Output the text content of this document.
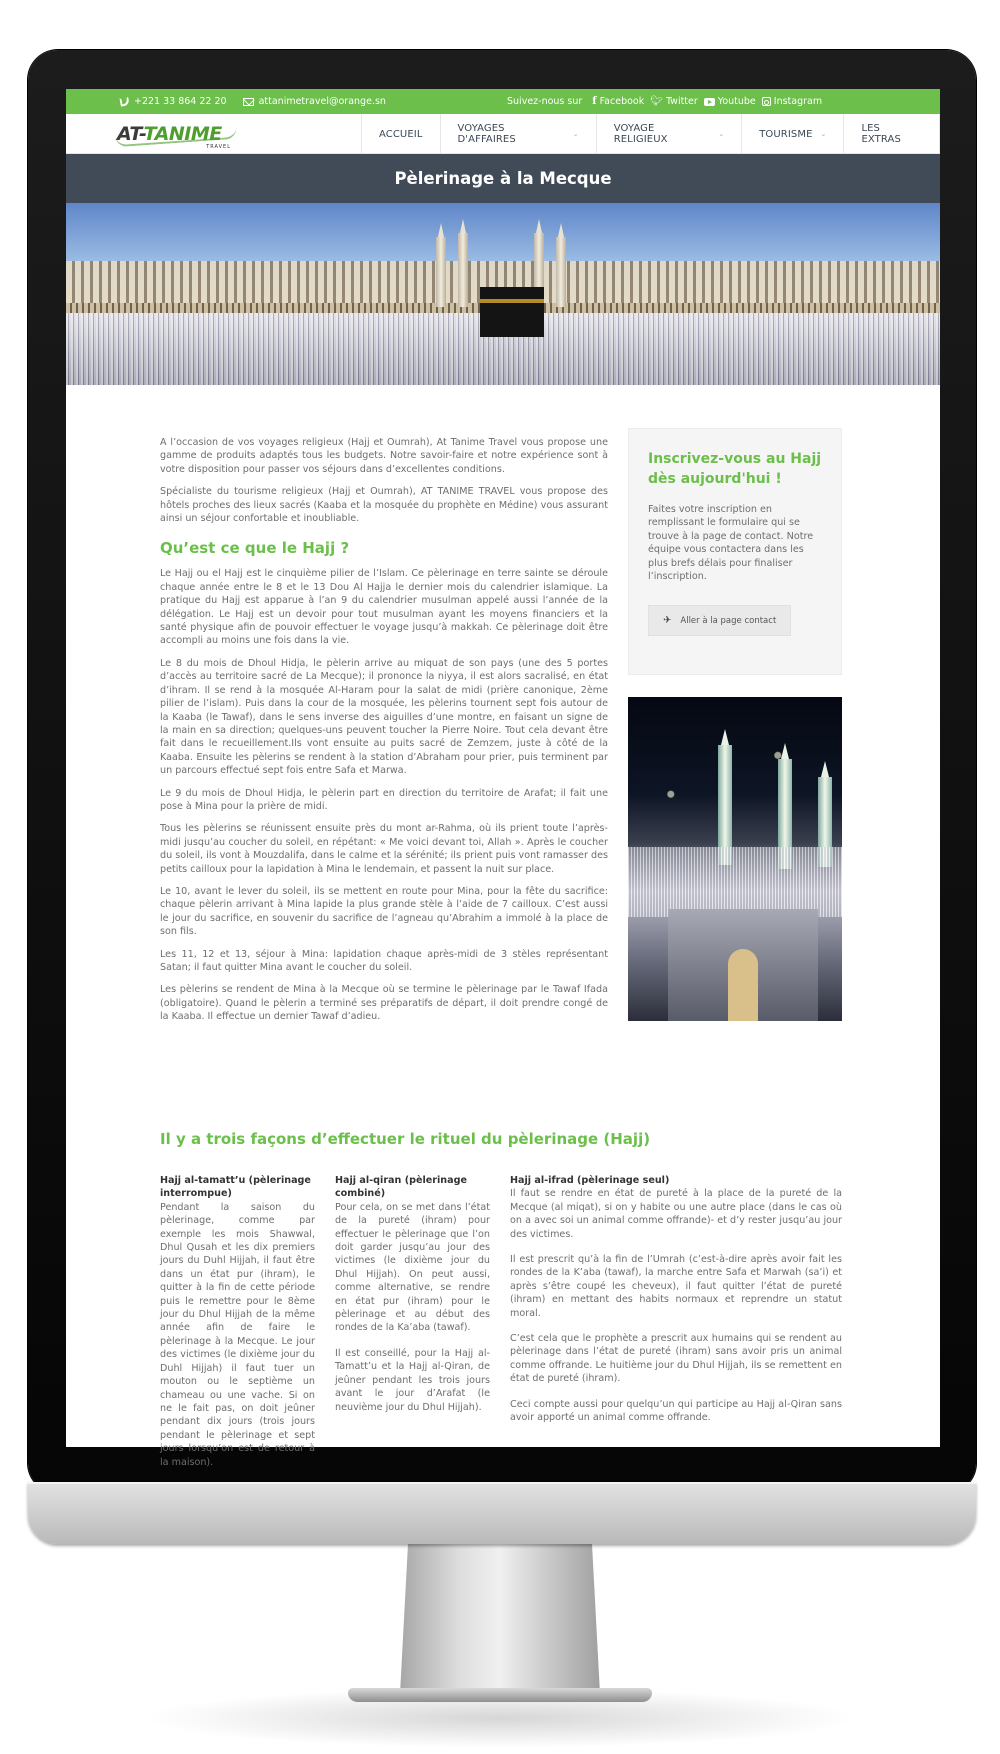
+221 33 864 22 20	attanimetravel@orange.sn	Suivez-nous sur f Facebook 🐦︎ Twitter Youtube Instagram
AT-TANIME
TRAVEL
ACCUEIL	VOYAGES D'AFFAIRES	⌄	VOYAGE RELIGIEUX	⌄	TOURISME ⌄	LES EXTRAS
Pèlerinage à la Mecque

A l’occasion de vos voyages religieux (Hajj et Oumrah), At Tanime Travel vous propose une gamme de produits adaptés tous les budgets. Notre savoir-faire et notre expérience sont à votre disposition pour passer vos séjours dans d’excellentes conditions.

Spécialiste du tourisme religieux (Hajj et Oumrah), AT TANIME TRAVEL vous propose des hôtels proches des lieux sacrés (Kaaba et la mosquée du prophète en Médine) vous assurant ainsi un séjour confortable et inoubliable.

Qu’est ce que le Hajj ?

Le Hajj ou el Hajj est le cinquième pilier de l’Islam. Ce pèlerinage en terre sainte se déroule chaque année entre le 8 et le 13 Dou Al Hajja le dernier mois du calendrier islamique. La pratique du Hajj est apparue à l’an 9 du calendrier musulman appelé aussi l’année de la délégation. Le Hajj est un devoir pour tout musulman ayant les moyens financiers et la santé physique afin de pouvoir effectuer le voyage jusqu’à makkah. Ce pèlerinage doit être accompli au moins une fois dans la vie.

Le 8 du mois de Dhoul Hidja, le pèlerin arrive au miquat de son pays (une des 5 portes d’accès au territoire sacré de La Mecque); il prononce la niyya, il est alors sacralisé, en état d’ihram. Il se rend à la mosquée Al-Haram pour la salat de midi (prière canonique, 2ème pilier de l’islam). Puis dans la cour de la mosquée, les pèlerins tournent sept fois autour de la Kaaba (le Tawaf), dans le sens inverse des aiguilles d’une montre, en faisant un signe de la main en sa direction; quelques-uns peuvent toucher la Pierre Noire. Tout cela devant être fait dans le recueillement.Ils vont ensuite au puits sacré de Zemzem, juste à côté de la Kaaba. Ensuite les pèlerins se rendent à la station d’Abraham pour prier, puis terminent par un parcours effectué sept fois entre Safa et Marwa.

Le 9 du mois de Dhoul Hidja, le pèlerin part en direction du territoire de Arafat; il fait une pose à Mina pour la prière de midi.

Tous les pèlerins se réunissent ensuite près du mont ar-Rahma, où ils prient toute l’après-midi jusqu’au coucher du soleil, en répétant: « Me voici devant toi, Allah ». Après le coucher du soleil, ils vont à Mouzdalifa, dans le calme et la sérénité; ils prient puis vont ramasser des petits cailloux pour la lapidation à Mina le lendemain, et passent la nuit sur place.

Le 10, avant le lever du soleil, ils se mettent en route pour Mina, pour la fête du sacrifice: chaque pèlerin arrivant à Mina lapide la plus grande stèle à l’aide de 7 cailloux. C’est aussi le jour du sacrifice, en souvenir du sacrifice de l’agneau qu’Abrahim a immolé à la place de son fils.

Les 11, 12 et 13, séjour à Mina: lapidation chaque après-midi de 3 stèles représentant Satan; il faut quitter Mina avant le coucher du soleil.

Les pèlerins se rendent de Mina à la Mecque où se termine le pèlerinage par le Tawaf Ifada (obligatoire). Quand le pèlerin a terminé ses préparatifs de départ, il doit prendre congé de la Kaaba. Il effectue un dernier Tawaf d’adieu.

Inscrivez-vous au Hajj dès aujourd'hui !

Faites votre inscription en remplissant le formulaire qui se trouve à la page de contact. Notre équipe vous contactera dans les plus brefs délais pour finaliser l’inscription.

✈ Aller à la page contact
Il y a trois façons d’effectuer le rituel du pèlerinage (Hajj)
Hajj al-tamatt’u (pèlerinage interrompue)

Pendant la saison du pèlerinage, comme par exemple les mois Shawwal, Dhul Qusah et les dix premiers jours du Duhl Hijjah, il faut être dans un état pur (ihram), le quitter à la fin de cette période puis le remettre pour le 8ème jour du Dhul Hijjah de la même année afin de faire le pèlerinage à la Mecque. Le jour des victimes (le dixième jour du Duhl Hijjah) il faut tuer un mouton ou le septième un chameau ou une vache. Si on ne le fait pas, on doit jeûner pendant dix jours (trois jours pendant le pèlerinage et sept jours lorsqu’on est de retour à la maison).

Hajj al-qiran (pèlerinage combiné)

Pour cela, on se met dans l’état de la pureté (ihram) pour effectuer le pèlerinage que l’on doit garder jusqu’au jour des victimes (le dixième jour du Dhul Hijjah). On peut aussi, comme alternative, se rendre en état pur (ihram) pour le pèlerinage et au début des rondes de la Ka’aba (tawaf).

Il est conseillé, pour la Hajj al-Tamatt’u et la Hajj al-Qiran, de jeûner pendant les trois jours avant le jour d’Arafat (le neuvième jour du Dhul Hijjah).

Hajj al-ifrad (pèlerinage seul)

Il faut se rendre en état de pureté à la place de la pureté de la Mecque (al miqat), si on y habite ou une autre place (dans le cas où on a avec soi un animal comme offrande)- et d’y rester jusqu’au jour des victimes.

Il est prescrit qu’à la fin de l’Umrah (c’est-à-dire après avoir fait les rondes de la K’aba (tawaf), la marche entre Safa et Marwah (sa’i) et après s’être coupé les cheveux), il faut quitter l’état de pureté (ihram) en mettant des habits normaux et reprendre un statut moral.

C’est cela que le prophète a prescrit aux humains qui se rendent au pèlerinage dans l’état de pureté (ihram) sans avoir pris un animal comme offrande. Le huitième jour du Dhul Hijjah, ils se remettent en état de pureté (ihram).

Ceci compte aussi pour quelqu’un qui participe au Hajj al-Qiran sans avoir apporté un animal comme offrande.
